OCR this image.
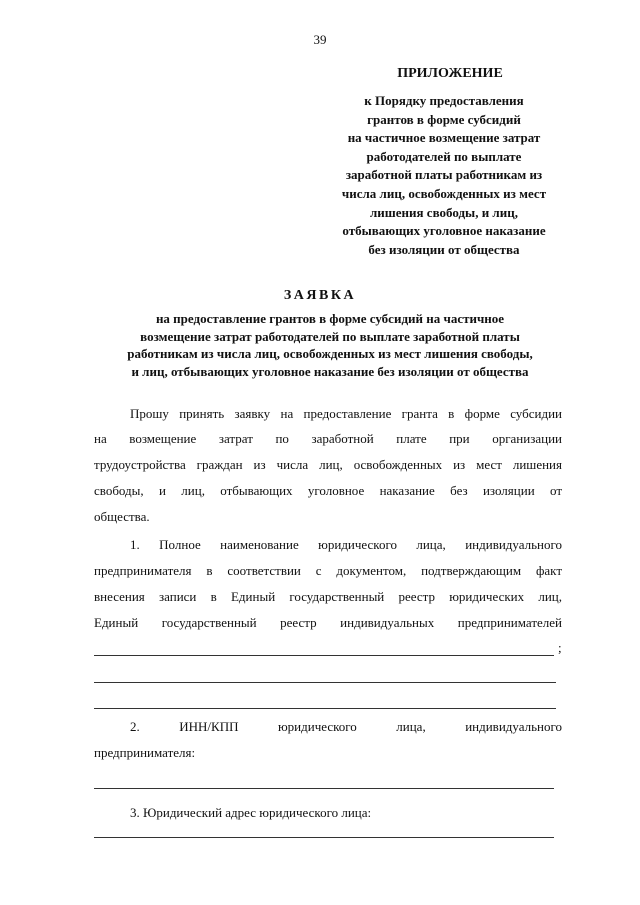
39
ПРИЛОЖЕНИЕ
к Порядку предоставления
грантов в форме субсидий
на частичное возмещение затрат
работодателей по выплате
заработной платы работникам из
числа лиц, освобожденных из мест
лишения свободы, и лиц,
отбывающих уголовное наказание
без изоляции от общества
ЗАЯВКА
на предоставление грантов в форме субсидий на частичное
возмещение затрат работодателей по выплате заработной платы
работникам из числа лиц, освобожденных из мест лишения свободы,
и лиц, отбывающих уголовное наказание без изоляции от общества
Прошу принять заявку на предоставление гранта в форме субсидии
на возмещение затрат по заработной плате при организации
трудоустройства граждан из числа лиц, освобожденных из мест лишения
свободы, и лиц, отбывающих уголовное наказание без изоляции от
общества.
1. Полное наименование юридического лица, индивидуального
предпринимателя в соответствии с документом, подтверждающим факт
внесения записи в Единый государственный реестр юридических лиц,
Единый государственный реестр индивидуальных предпринимателей
;
2. ИНН/КПП юридического лица, индивидуального
предпринимателя:
3. Юридический адрес юридического лица:
